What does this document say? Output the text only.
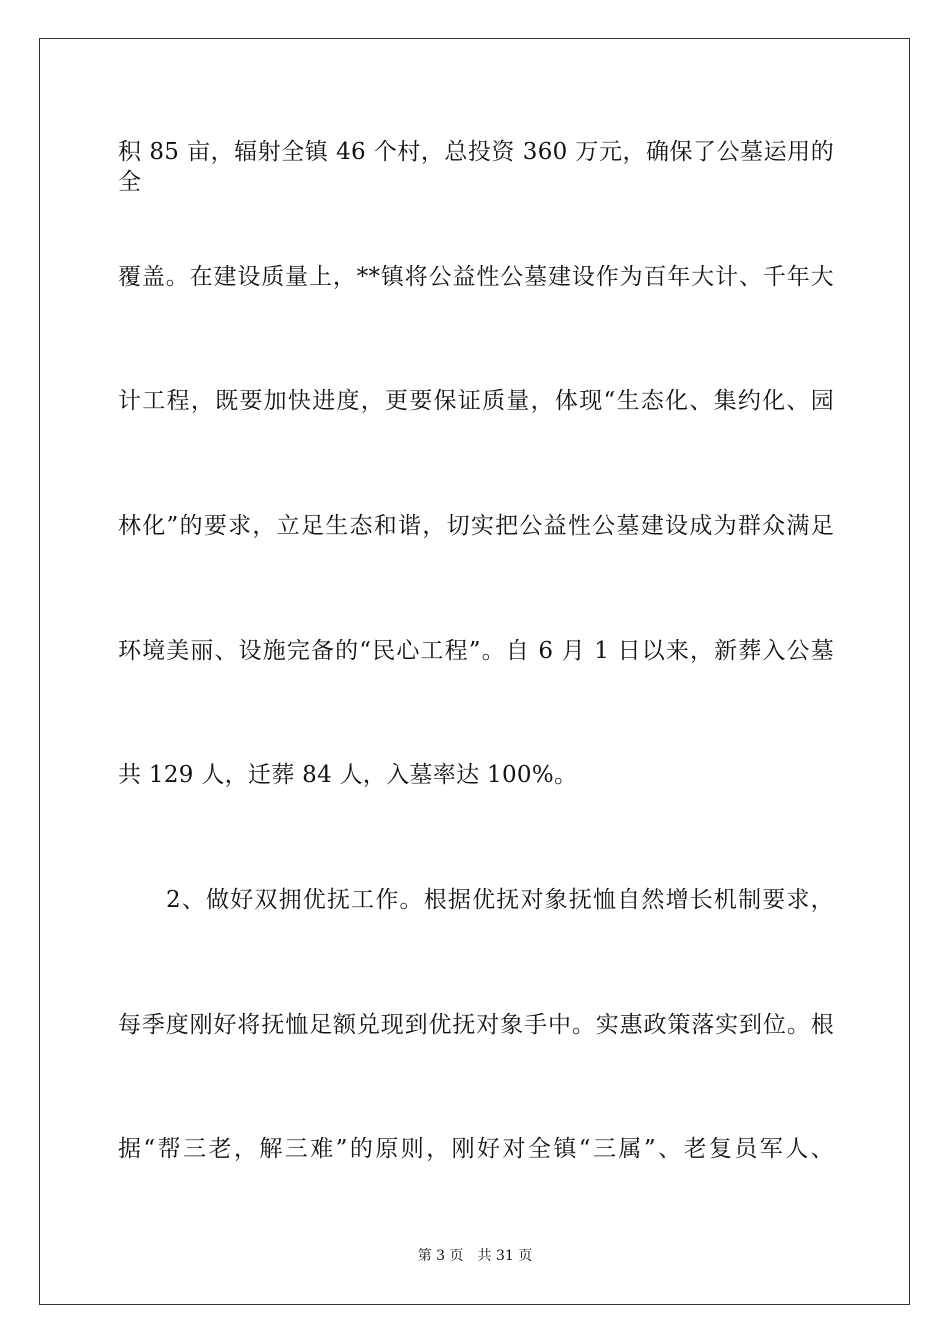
积 85 亩，辐射全镇 46 个村，总投资 360 万元，确保了公墓运用的全
覆盖。在建设质量上，**镇将公益性公墓建设作为百年大计、千年大
计工程，既要加快进度，更要保证质量，体现“生态化、集约化、园
林化”的要求，立足生态和谐，切实把公益性公墓建设成为群众满足
环境美丽、设施完备的“民心工程”。自 6 月 1 日以来，新葬入公墓
共 129 人，迁葬 84 人，入墓率达 100%。
2、做好双拥优抚工作。根据优抚对象抚恤自然增长机制要求，
每季度刚好将抚恤足额兑现到优抚对象手中。实惠政策落实到位。根
据“帮三老，解三难”的原则，刚好对全镇“三属”、老复员军人、
第 3 页 共 31 页
